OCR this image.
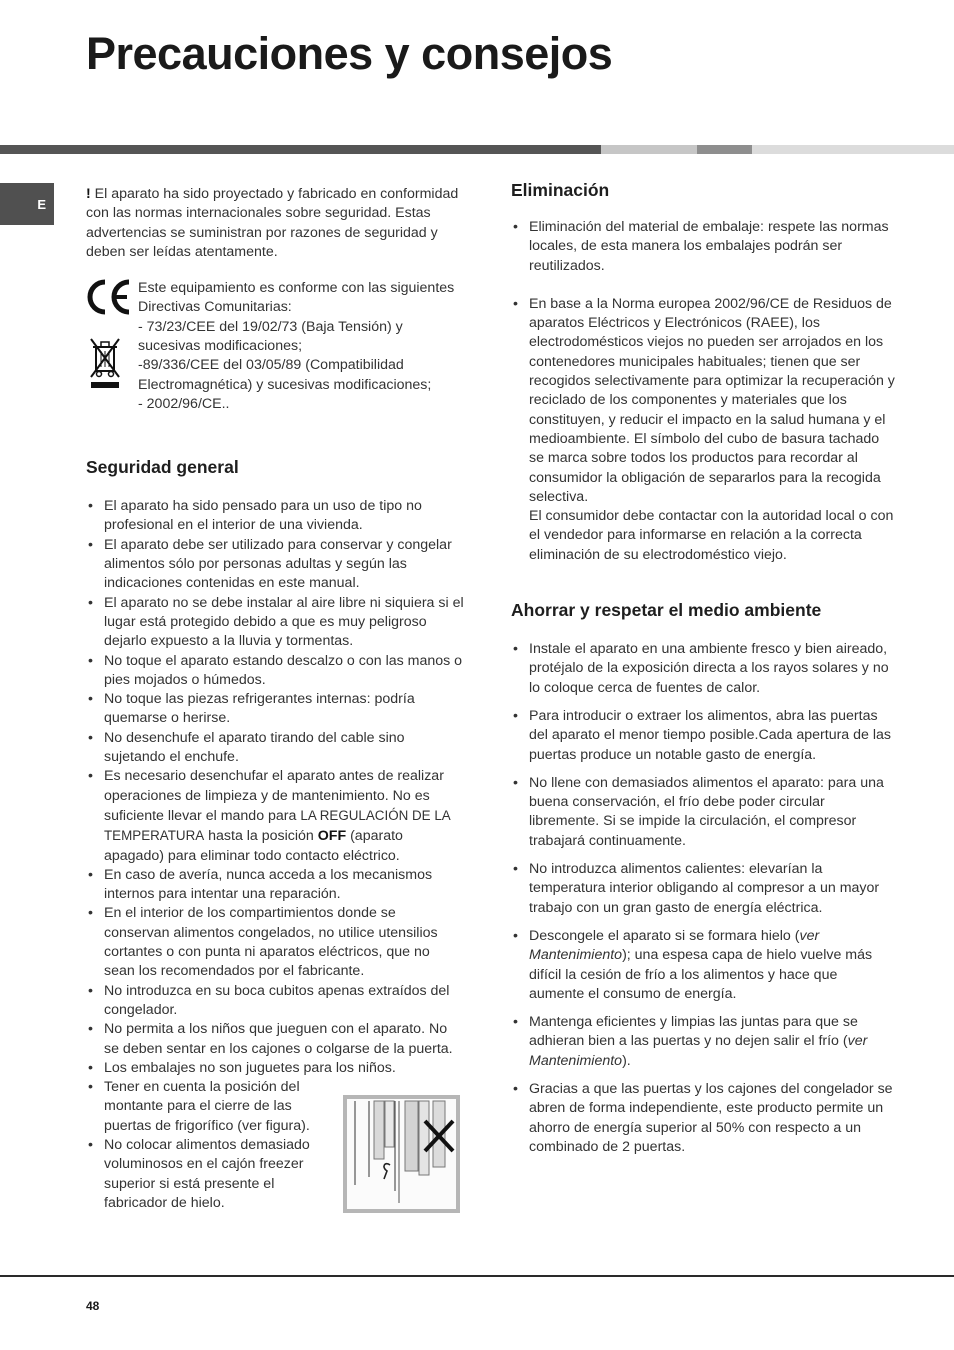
Precauciones y consejos
E

! El aparato ha sido proyectado y fabricado en conformidad con las normas internacionales sobre seguridad. Estas advertencias se suministran por razones de seguridad y deben ser leídas atentamente.

Este equipamiento es conforme con las siguientes Directivas Comunitarias:

- 73/23/CEE del 19/02/73 (Baja Tensión) y sucesivas modificaciones;

-89/336/CEE del 03/05/89 (Compatibilidad Electromagnética) y sucesivas modificaciones;

- 2002/96/CE..

Seguridad general
• El aparato ha sido pensado para un uso de tipo no profesional en el interior de una vivienda.
• El aparato debe ser utilizado para conservar y congelar alimentos sólo por personas adultas y según las indicaciones contenidas en este manual.
• El aparato no se debe instalar al aire libre ni siquiera si el lugar está protegido debido a que es muy peligroso dejarlo expuesto a la lluvia y tormentas.
• No toque el aparato estando descalzo o con las manos o pies mojados o húmedos.
• No toque las piezas refrigerantes internas: podría quemarse o herirse.
• No desenchufe el aparato tirando del cable sino sujetando el enchufe.
• Es necesario desenchufar el aparato antes de realizar operaciones de limpieza y de mantenimiento. No es suficiente llevar el mando para LA REGULACIÓN DE LA TEMPERATURA hasta la posición OFF (aparato apagado) para eliminar todo contacto eléctrico.
• En caso de avería, nunca acceda a los mecanismos internos para intentar una reparación.
• En el interior de los compartimientos donde se conservan alimentos congelados, no utilice utensilios cortantes o con punta ni aparatos eléctricos, que no sean los recomendados por el fabricante.
• No introduzca en su boca cubitos apenas extraídos del congelador.
• No permita a los niños que jueguen con el aparato. No se deben sentar en los cajones o colgarse de la puerta.
• Los embalajes no son juguetes para los niños.
• Tener en cuenta la posición del montante para el cierre de las puertas de frigorífico (ver figura).
• No colocar alimentos demasiado voluminosos en el cajón freezer superior si está presente el fabricador de hielo.
Eliminación
• Eliminación del material de embalaje: respete las normas locales, de esta manera los embalajes podrán ser reutilizados.
• En base a la Norma europea 2002/96/CE de Residuos de aparatos Eléctricos y Electrónicos (RAEE), los electrodomésticos viejos no pueden ser arrojados en los contenedores municipales habituales; tienen que ser recogidos selectivamente para optimizar la recuperación y reciclado de los componentes y materiales que los constituyen, y reducir el impacto en la salud humana y el medioambiente. El símbolo del cubo de basura tachado se marca sobre todos los productos para recordar al consumidor la obligación de separarlos para la recogida selectiva.
El consumidor debe contactar con la autoridad local o con el vendedor para informarse en relación a la correcta eliminación de su electrodoméstico viejo.
Ahorrar y respetar el medio ambiente
• Instale el aparato en una ambiente fresco y bien aireado, protéjalo de la exposición directa a los rayos solares y no lo coloque cerca de fuentes de calor.
• Para introducir o extraer los alimentos, abra las puertas del aparato el menor tiempo posible.Cada apertura de las puertas produce un notable gasto de energía.
• No llene con demasiados alimentos el aparato: para una buena conservación, el frío debe poder circular libremente. Si se impide la circulación, el compresor trabajará continuamente.
• No introduzca alimentos calientes: elevarían la temperatura interior obligando al compresor a un mayor trabajo con un gran gasto de energía eléctrica.
• Descongele el aparato si se formara hielo (ver Mantenimiento); una espesa capa de hielo vuelve más difícil la cesión de frío a los alimentos y hace que aumente el consumo de energía.
• Mantenga eficientes y limpias las juntas para que se adhieran bien a las puertas y no dejen salir el frío (ver Mantenimiento).
• Gracias a que las puertas y los cajones del congelador se abren de forma independiente, este producto permite un ahorro de energía superior al 50% con respecto a un combinado de 2 puertas.
48
